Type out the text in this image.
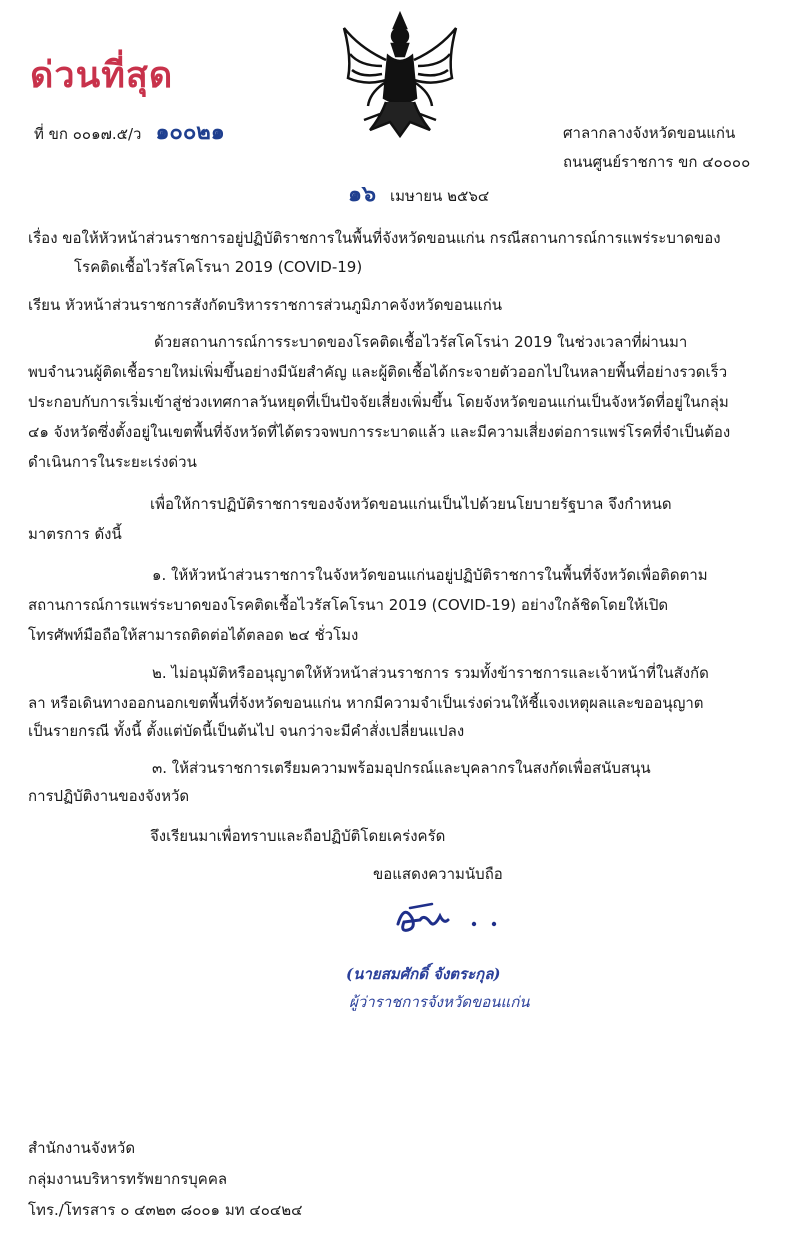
ด่วนที่สุด
ที่ ขก ๐๐๑๗.๕/ว ๑๐๐๒๑	ศาลากลางจังหวัดขอนแก่น
ถนนศูนย์ราชการ ขก ๔๐๐๐๐
๑๖ เมษายน ๒๕๖๔
เรื่อง ขอให้หัวหน้าส่วนราชการอยู่ปฏิบัติราชการในพื้นที่จังหวัดขอนแก่น กรณีสถานการณ์การแพร่ระบาดของ
โรคติดเชื้อไวรัสโคโรนา 2019 (COVID-19)
เรียน หัวหน้าส่วนราชการสังกัดบริหารราชการส่วนภูมิภาคจังหวัดขอนแก่น
ด้วยสถานการณ์การระบาดของโรคติดเชื้อไวรัสโคโรน่า 2019 ในช่วงเวลาที่ผ่านมา
พบจำนวนผู้ติดเชื้อรายใหม่เพิ่มขึ้นอย่างมีนัยสำคัญ และผู้ติดเชื้อได้กระจายตัวออกไปในหลายพื้นที่อย่างรวดเร็ว
ประกอบกับการเริ่มเข้าสู่ช่วงเทศกาลวันหยุดที่เป็นปัจจัยเสี่ยงเพิ่มขึ้น โดยจังหวัดขอนแก่นเป็นจังหวัดที่อยู่ในกลุ่ม
๔๑ จังหวัดซึ่งตั้งอยู่ในเขตพื้นที่จังหวัดที่ได้ตรวจพบการระบาดแล้ว และมีความเสี่ยงต่อการแพร่โรคที่จำเป็นต้อง
ดำเนินการในระยะเร่งด่วน
เพื่อให้การปฏิบัติราชการของจังหวัดขอนแก่นเป็นไปด้วยนโยบายรัฐบาล จึงกำหนด
มาตรการ ดังนี้
๑. ให้หัวหน้าส่วนราชการในจังหวัดขอนแก่นอยู่ปฏิบัติราชการในพื้นที่จังหวัดเพื่อติดตาม
สถานการณ์การแพร่ระบาดของโรคติดเชื้อไวรัสโคโรนา 2019 (COVID-19) อย่างใกล้ชิดโดยให้เปิด
โทรศัพท์มือถือให้สามารถติดต่อได้ตลอด ๒๔ ชั่วโมง
๒. ไม่อนุมัติหรืออนุญาตให้หัวหน้าส่วนราชการ รวมทั้งข้าราชการและเจ้าหน้าที่ในสังกัด
ลา หรือเดินทางออกนอกเขตพื้นที่จังหวัดขอนแก่น หากมีความจำเป็นเร่งด่วนให้ชี้แจงเหตุผลและขออนุญาต
เป็นรายกรณี ทั้งนี้ ตั้งแต่บัดนี้เป็นต้นไป จนกว่าจะมีคำสั่งเปลี่ยนแปลง
๓. ให้ส่วนราชการเตรียมความพร้อมอุปกรณ์และบุคลากรในสงกัดเพื่อสนับสนุน
การปฏิบัติงานของจังหวัด
จึงเรียนมาเพื่อทราบและถือปฏิบัติโดยเคร่งครัด
ขอแสดงความนับถือ
(นายสมศักดิ์ จังตระกุล)
ผู้ว่าราชการจังหวัดขอนแก่น
สำนักงานจังหวัด
กลุ่มงานบริหารทรัพยากรบุคคล
โทร./โทรสาร ๐ ๔๓๒๓ ๘๐๐๑ มท ๔๐๔๒๔
